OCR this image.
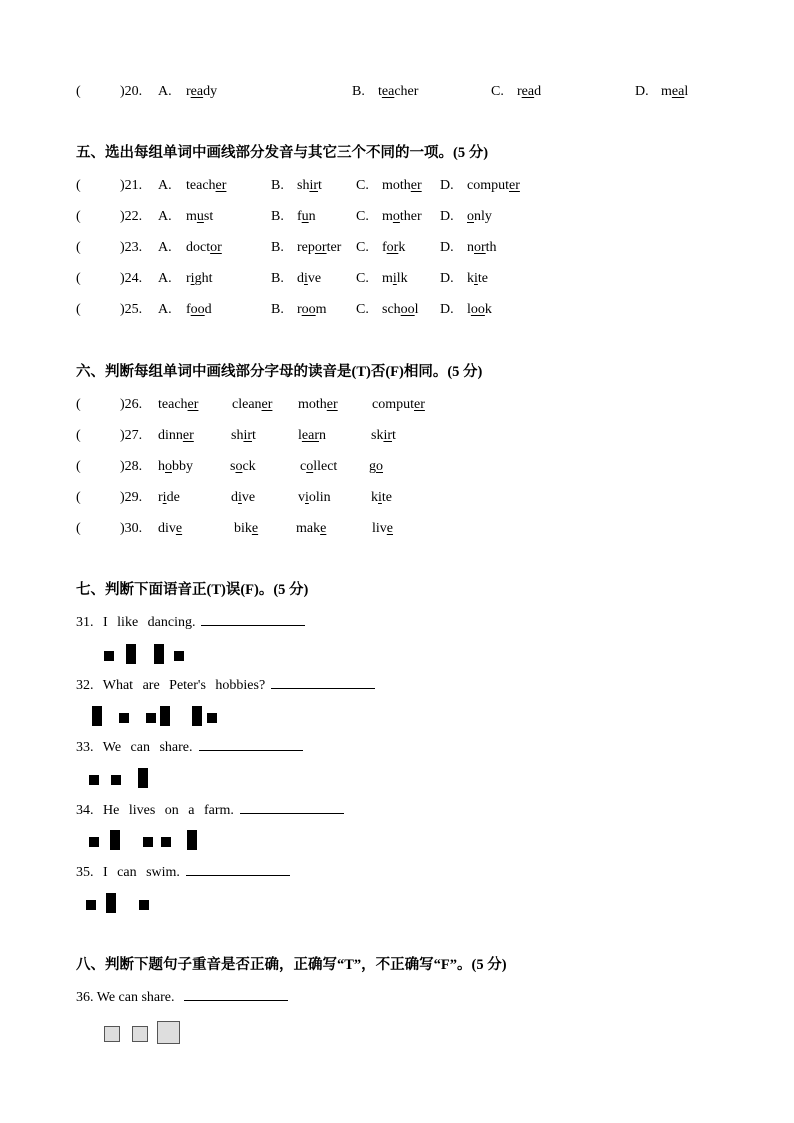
(	)20. A. ready	B. teacher	C. read	D. meal
五、选出每组单词中画线部分发音与其它三个不同的一项。(5 分)
(	)21. A. teacher	B. shirt C. mother D. computer
(	)22. A. must	B. fun	C. mother D. only
(	)23. A. doctor	B. reporter C. fork D. north
(	)24. A. right	B. dive C. milk D. kite
(	)25. A. food	B. room C. school D. look
六、判断每组单词中画线部分字母的读音是(T)否(F)相同。(5 分)
(	)26. teacher cleaner mother computer
(	)27. dinner	shirt	learn	skirt
(	)28. hobby	sock	collect go
(	)29. ride	dive	violin	kite
(	)30. dive	bike	make	live
七、判断下面语音正(T)误(F)。(5 分)
31. I like dancing.
32. What are Peter's hobbies?
33. We can share.
34. He lives on a farm.
35. I can swim.
八、判断下题句子重音是否正确，正确写“T”，不正确写“F”。(5 分)
36. We can share.
